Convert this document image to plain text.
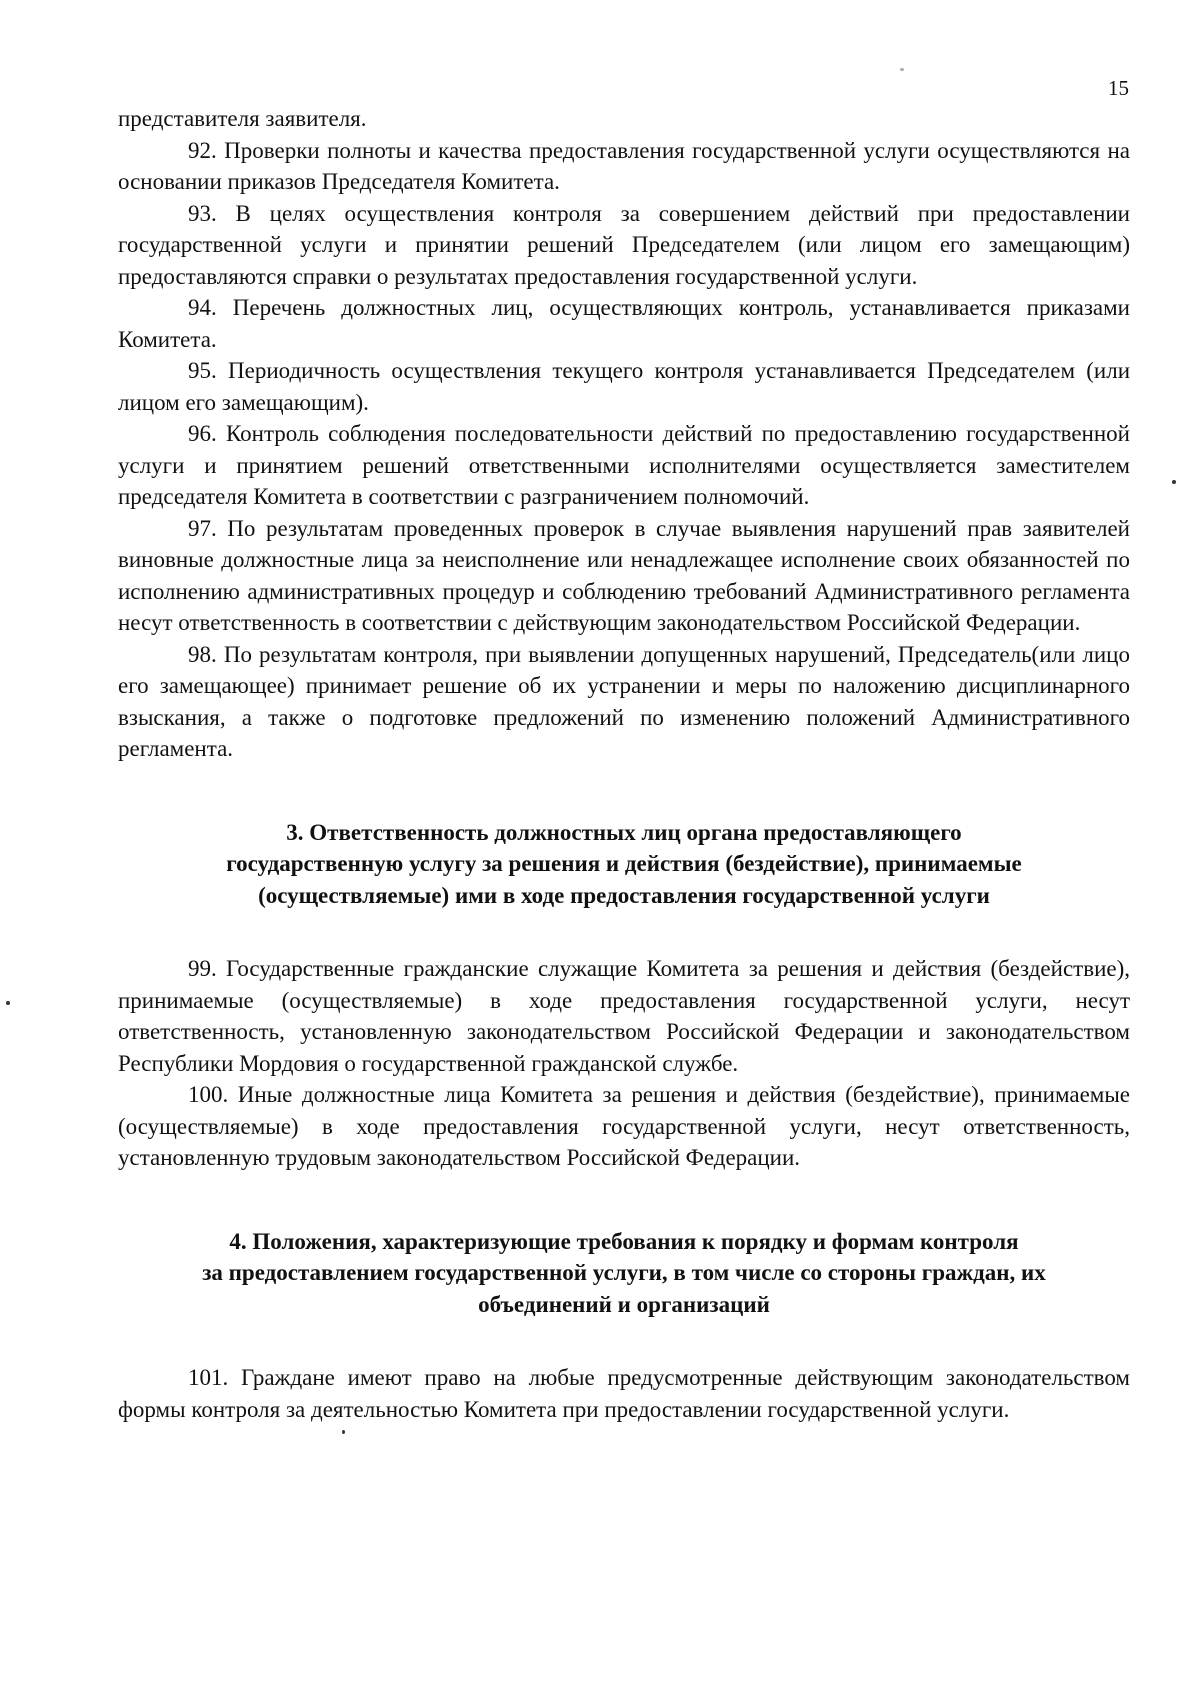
15

представителя заявителя.

92. Проверки полноты и качества предоставления государственной услуги осуществляются на основании приказов Председателя Комитета.

93. В целях осуществления контроля за совершением действий при предоставлении государственной услуги и принятии решений Председателем (или лицом его замещающим) предоставляются справки о результатах предоставления государственной услуги.

94. Перечень должностных лиц, осуществляющих контроль, устанавливается приказами Комитета.

95. Периодичность осуществления текущего контроля устанавливается Председателем (или лицом его замещающим).

96. Контроль соблюдения последовательности действий по предоставлению государственной услуги и принятием решений ответственными исполнителями осуществляется заместителем председателя Комитета в соответствии с разграничением полномочий.

97. По результатам проведенных проверок в случае выявления нарушений прав заявителей виновные должностные лица за неисполнение или ненадлежащее исполнение своих обязанностей по исполнению административных процедур и соблюдению требований Административного регламента несут ответственность в соответствии с действующим законодательством Российской Федерации.

98. По результатам контроля, при выявлении допущенных нарушений, Председатель(или лицо его замещающее) принимает решение об их устранении и меры по наложению дисциплинарного взыскания, а также о подготовке предложений по изменению положений Административного регламента.

3. Ответственность должностных лиц органа предоставляющего
государственную услугу за решения и действия (бездействие), принимаемые
(осуществляемые) ими в ходе предоставления государственной услуги

99. Государственные гражданские служащие Комитета за решения и действия (бездействие), принимаемые (осуществляемые) в ходе предоставления государственной услуги, несут ответственность, установленную законодательством Российской Федерации и законодательством Республики Мордовия о государственной гражданской службе.

100. Иные должностные лица Комитета за решения и действия (бездействие), принимаемые (осуществляемые) в ходе предоставления государственной услуги, несут ответственность, установленную трудовым законодательством Российской Федерации.

4. Положения, характеризующие требования к порядку и формам контроля
за предоставлением государственной услуги, в том числе со стороны граждан, их
объединений и организаций

101. Граждане имеют право на любые предусмотренные действующим законодательством формы контроля за деятельностью Комитета при предоставлении государственной услуги.
